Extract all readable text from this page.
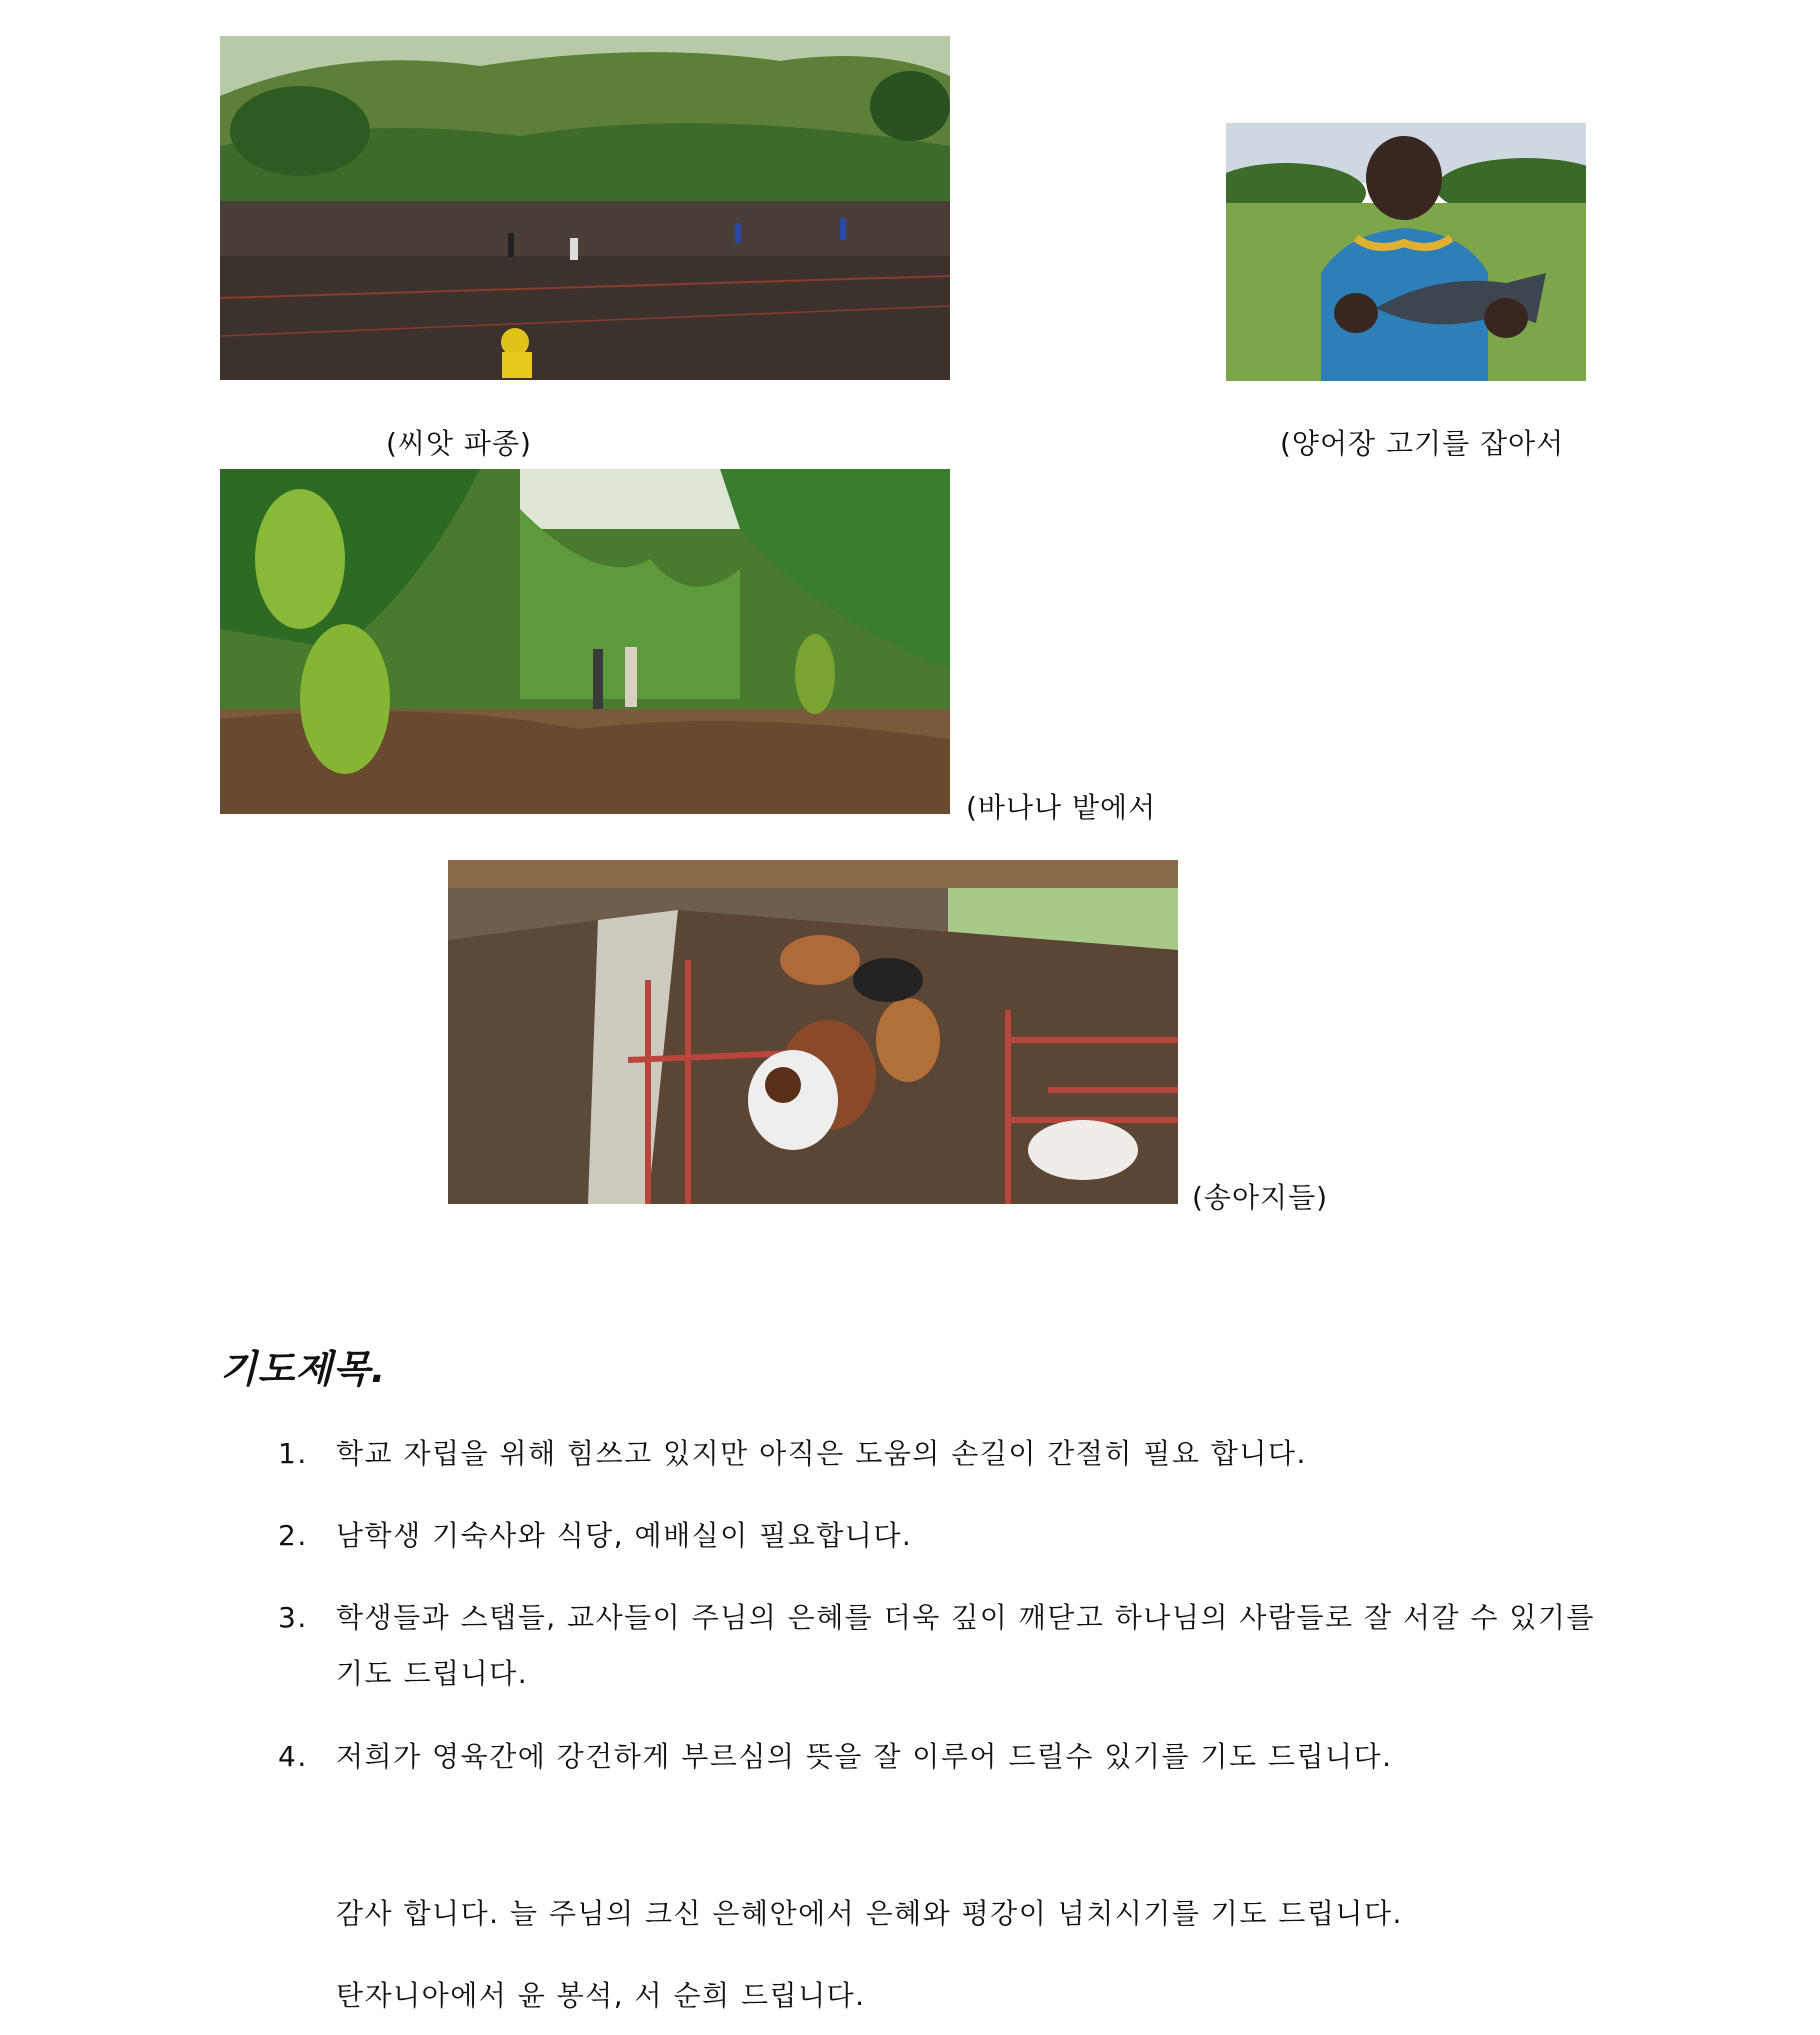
(씨앗 파종)	(양어장 고기를 잡아서
(바나나 밭에서
(송아지들)
기도제목.
1. 학교 자립을 위해 힘쓰고 있지만 아직은 도움의 손길이 간절히 필요 합니다.
2. 남학생 기숙사와 식당, 예배실이 필요합니다.
3. 학생들과 스탭들, 교사들이 주님의 은혜를 더욱 깊이 깨닫고 하나님의 사람들로 잘 서갈 수 있기를 기도 드립니다.
4. 저희가 영육간에 강건하게 부르심의 뜻을 잘 이루어 드릴수 있기를 기도 드립니다.
감사 합니다. 늘 주님의 크신 은혜안에서 은혜와 평강이 넘치시기를 기도 드립니다.
탄자니아에서 윤 봉석, 서 순희 드립니다.
